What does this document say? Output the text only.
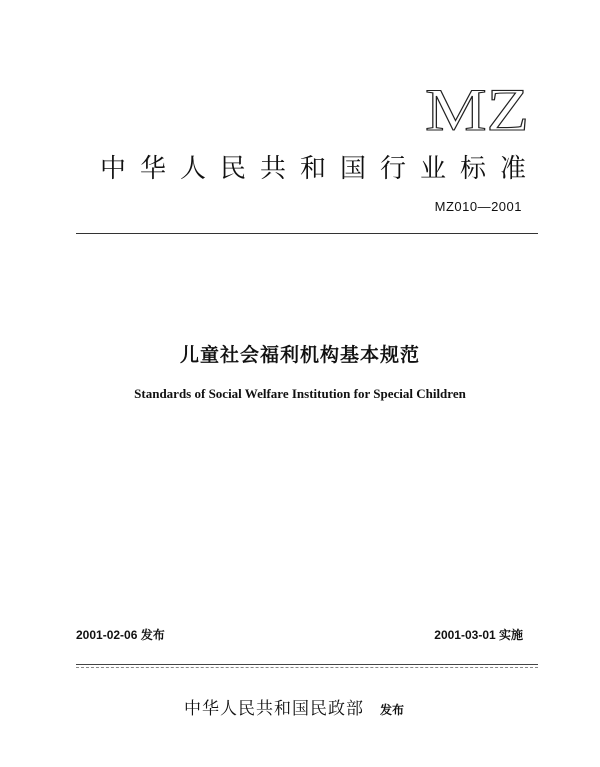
MZ
中华人民共和国行业标准

MZ010—2001

儿童社会福利机构基本规范

Standards of Social Welfare Institution for Special Children

2001-02-06 发布	2001-03-01 实施

中华人民共和国民政部 发布
